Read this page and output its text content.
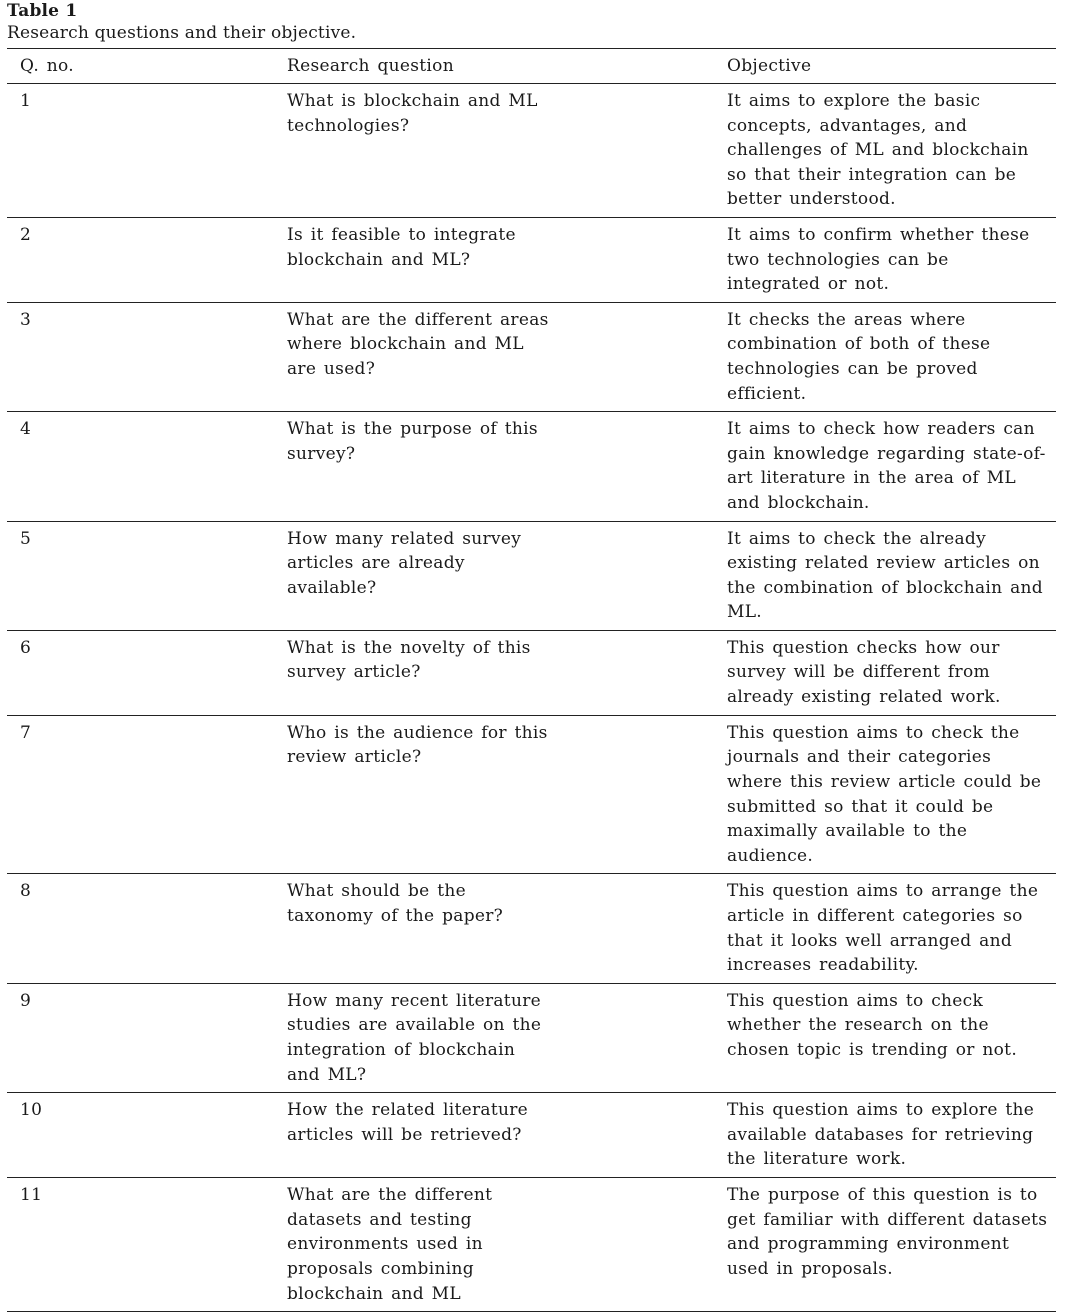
Table 1
Research questions and their objective.
Q. no.	Research question	Objective
1	What is blockchain and ML technologies?	It aims to explore the basic concepts, advantages, and challenges of ML and blockchain so that their integration can be better understood.

2	Is it feasible to integrate blockchain and ML?	It aims to confirm whether these two technologies can be integrated or not.

3	What are the different areas where blockchain and ML are used?	It checks the areas where combination of both of these technologies can be proved efficient.

4	What is the purpose of this survey?	It aims to check how readers can gain knowledge regarding state-of-art literature in the area of ML and blockchain.

5	How many related survey articles are already available?	It aims to check the already existing related review articles on the combination of blockchain and ML.

6	What is the novelty of this survey article?	This question checks how our survey will be different from already existing related work.

7	Who is the audience for this review article?	This question aims to check the journals and their categories where this review article could be submitted so that it could be maximally available to the audience.

8	What should be the taxonomy of the paper?	This question aims to arrange the article in different categories so that it looks well arranged and increases readability.

9	How many recent literature studies are available on the integration of blockchain and ML?	This question aims to check whether the research on the chosen topic is trending or not.

10	How the related literature articles will be retrieved?	This question aims to explore the available databases for retrieving the literature work.

11	What are the different datasets and testing environments used in proposals combining blockchain and ML	The purpose of this question is to get familiar with different datasets and programming environment used in proposals.
